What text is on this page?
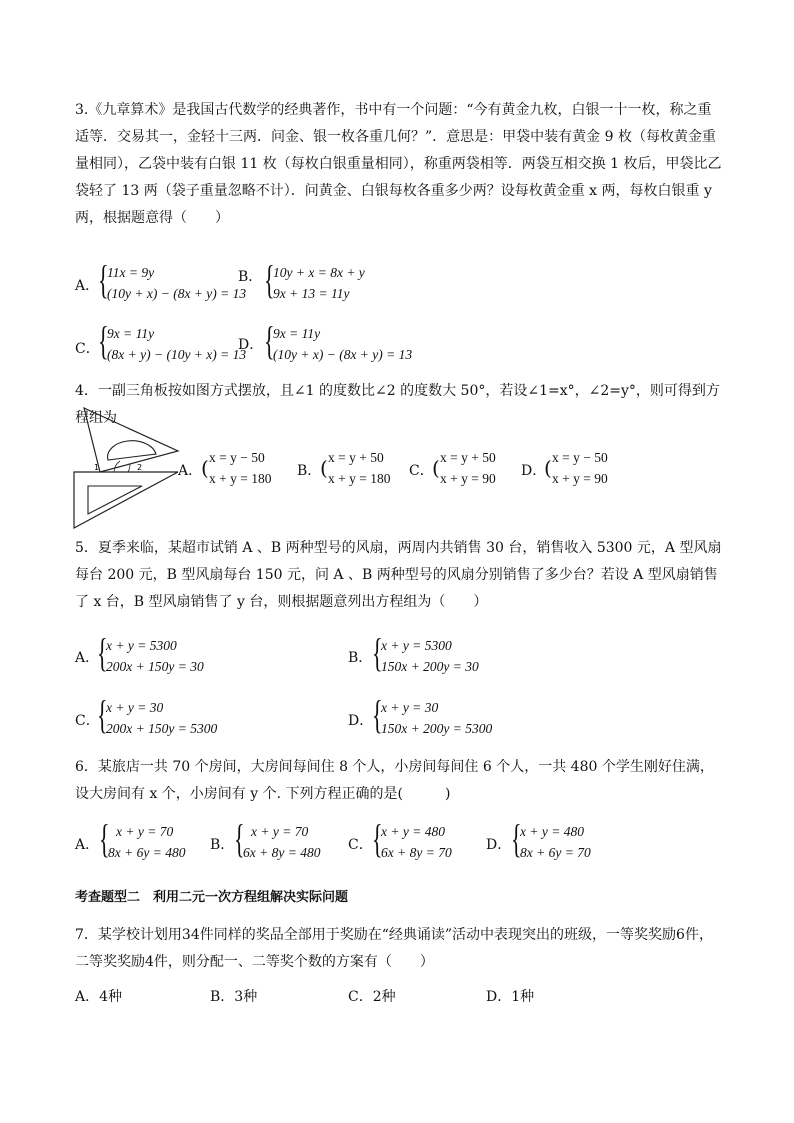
3.《九章算术》是我国古代数学的经典著作，书中有一个问题：“今有黄金九枚，白银一十一枚，称之重适等．交易其一，金轻十三两．问金、银一枚各重几何？”．意思是：甲袋中装有黄金 9 枚（每枚黄金重量相同），乙袋中装有白银 11 枚（每枚白银重量相同），称重两袋相等．两袋互相交换 1 枚后，甲袋比乙袋轻了 13 两（袋子重量忽略不计）．问黄金、白银每枚各重多少两？设每枚黄金重 x 两，每枚白银重 y 两，根据题意得（　　）

A．
{
11x = 9y
(10y + x) − (8x + y) = 13
B． {
10y + x = 8x + y
9x + 13 = 11y
C．
{
9x = 11y
(8x + y) − (10y + x) = 13
D． {
9x = 11y
(10y + x) − (8x + y) = 13

4．一副三角板按如图方式摆放，且∠1 的度数比∠2 的度数大 50°，若设∠1=x°，∠2=y°，则可得到方程组为

1	2	A．
( x = y − 50
x + y = 180 B．
( x = y + 50
x + y = 180 C．
( x = y + 50
x + y = 90 D．
( x = y − 50
x + y = 90

5．夏季来临，某超市试销 A 、B 两种型号的风扇，两周内共销售 30 台，销售收入 5300 元，A 型风扇每台 200 元，B 型风扇每台 150 元，问 A 、B 两种型号的风扇分别销售了多少台？若设 A 型风扇销售了 x 台，B 型风扇销售了 y 台，则根据题意列出方程组为（　　）

A．
{
x + y = 5300
200x + 150y = 30
B． {
x + y = 5300
150x + 200y = 30
C．
{
x + y = 30
200x + 150y = 5300	D．
{
x + y = 30
150x + 200y = 5300

6．某旅店一共 70 个房间，大房间每间住 8 个人，小房间每间住 6 个人，一共 480 个学生刚好住满，设大房间有 x 个，小房间有 y 个. 下列方程正确的是(　　　)

A． { x + y = 70
8x + 6y = 480 B． { x + y = 70
6x + 8y = 480 C． {
x + y = 480
6x + 8y = 70 D． {
x + y = 480
8x + 6y = 70
考查题型二　利用二元一次方程组解决实际问题

7．某学校计划用34件同样的奖品全部用于奖励在“经典诵读”活动中表现突出的班级，一等奖奖励6件，二等奖奖励4件，则分配一、二等奖个数的方案有（　　）

A．4种	B．3种	C．2种	D．1种
